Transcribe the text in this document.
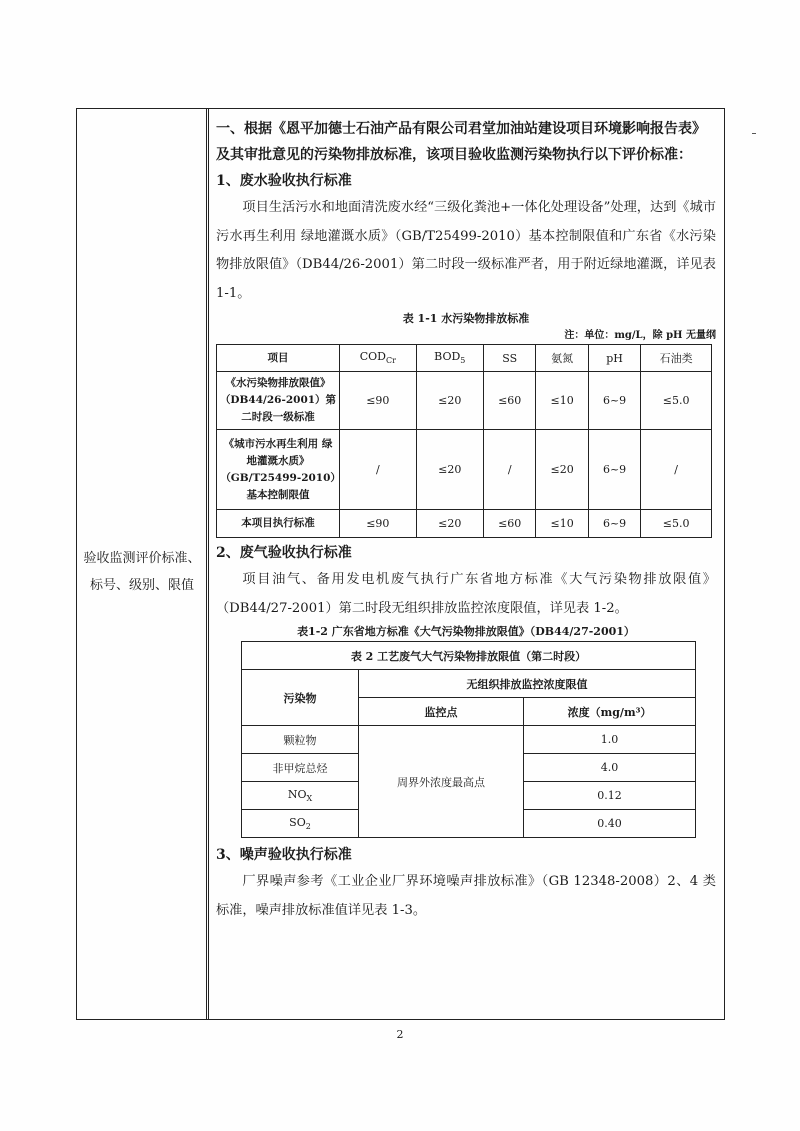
验收监测评价标准、
标号、级别、限值

一、根据《恩平加德士石油产品有限公司君堂加油站建设项目环境影响报告表》及其审批意见的污染物排放标准，该项目验收监测污染物执行以下评价标准：

1、废水验收执行标准

项目生活污水和地面清洗废水经“三级化粪池+一体化处理设备”处理，达到《城市污水再生利用 绿地灌溉水质》（GB/T25499-2010）基本控制限值和广东省《水污染物排放限值》（DB44/26-2001）第二时段一级标准严者，用于附近绿地灌溉，详见表1-1。

表 1-1 水污染物排放标准

注：单位：mg/L，除 pH 无量纲

项目	$COD_{Cr}$	$BOD_5$	SS	氨氮	pH	石油类
《水污染物排放限值》（DB44/26-2001）第二时段一级标准	≤90	≤20	≤60	≤10	6~9	≤5.0
《城市污水再生利用 绿地灌溉水质》（GB/T25499-2010）基本控制限值	/	≤20	/	≤20	6~9	/
本项目执行标准	≤90	≤20	≤60	≤10	6~9	≤5.0

2、废气验收执行标准

项目油气、备用发电机废气执行广东省地方标准《大气污染物排放限值》（DB44/27-2001）第二时段无组织排放监控浓度限值，详见表 1-2。

表1-2 广东省地方标准《大气污染物排放限值》（DB44/27-2001）

表 2 工艺废气大气污染物排放限值（第二时段）		
污染物	无组织排放监控浓度限值	
	监控点	浓度（mg/m³）
颗粒物	周界外浓度最高点	1.0
非甲烷总烃		4.0
$NO_X$		0.12
$SO_2$		0.40

3、噪声验收执行标准

厂界噪声参考《工业企业厂界环境噪声排放标准》（GB 12348-2008）2、4 类标准，噪声排放标准值详见表 1-3。

2
